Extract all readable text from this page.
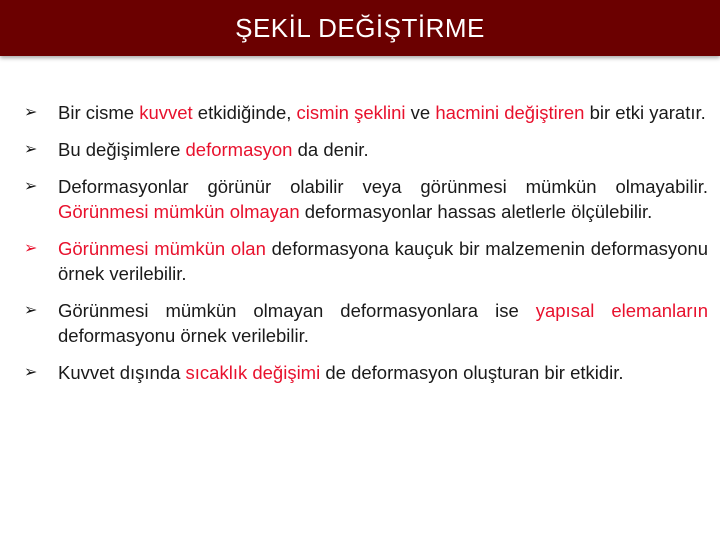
ŞEKİL DEĞİŞTİRME
➢	Bir cisme kuvvet etkidiğinde, cismin şeklini ve hacmini değiştiren bir etki yaratır.
➢	Bu değişimlere deformasyon da denir.
➢	Deformasyonlar görünür olabilir veya görünmesi mümkün olmayabilir. Görünmesi mümkün olmayan deformasyonlar hassas aletlerle ölçülebilir.
➢	Görünmesi mümkün olan deformasyona kauçuk bir malzemenin deformasyonu örnek verilebilir.
➢	Görünmesi mümkün olmayan deformasyonlara ise yapısal elemanların deformasyonu örnek verilebilir.
➢	Kuvvet dışında sıcaklık değişimi de deformasyon oluşturan bir etkidir.
